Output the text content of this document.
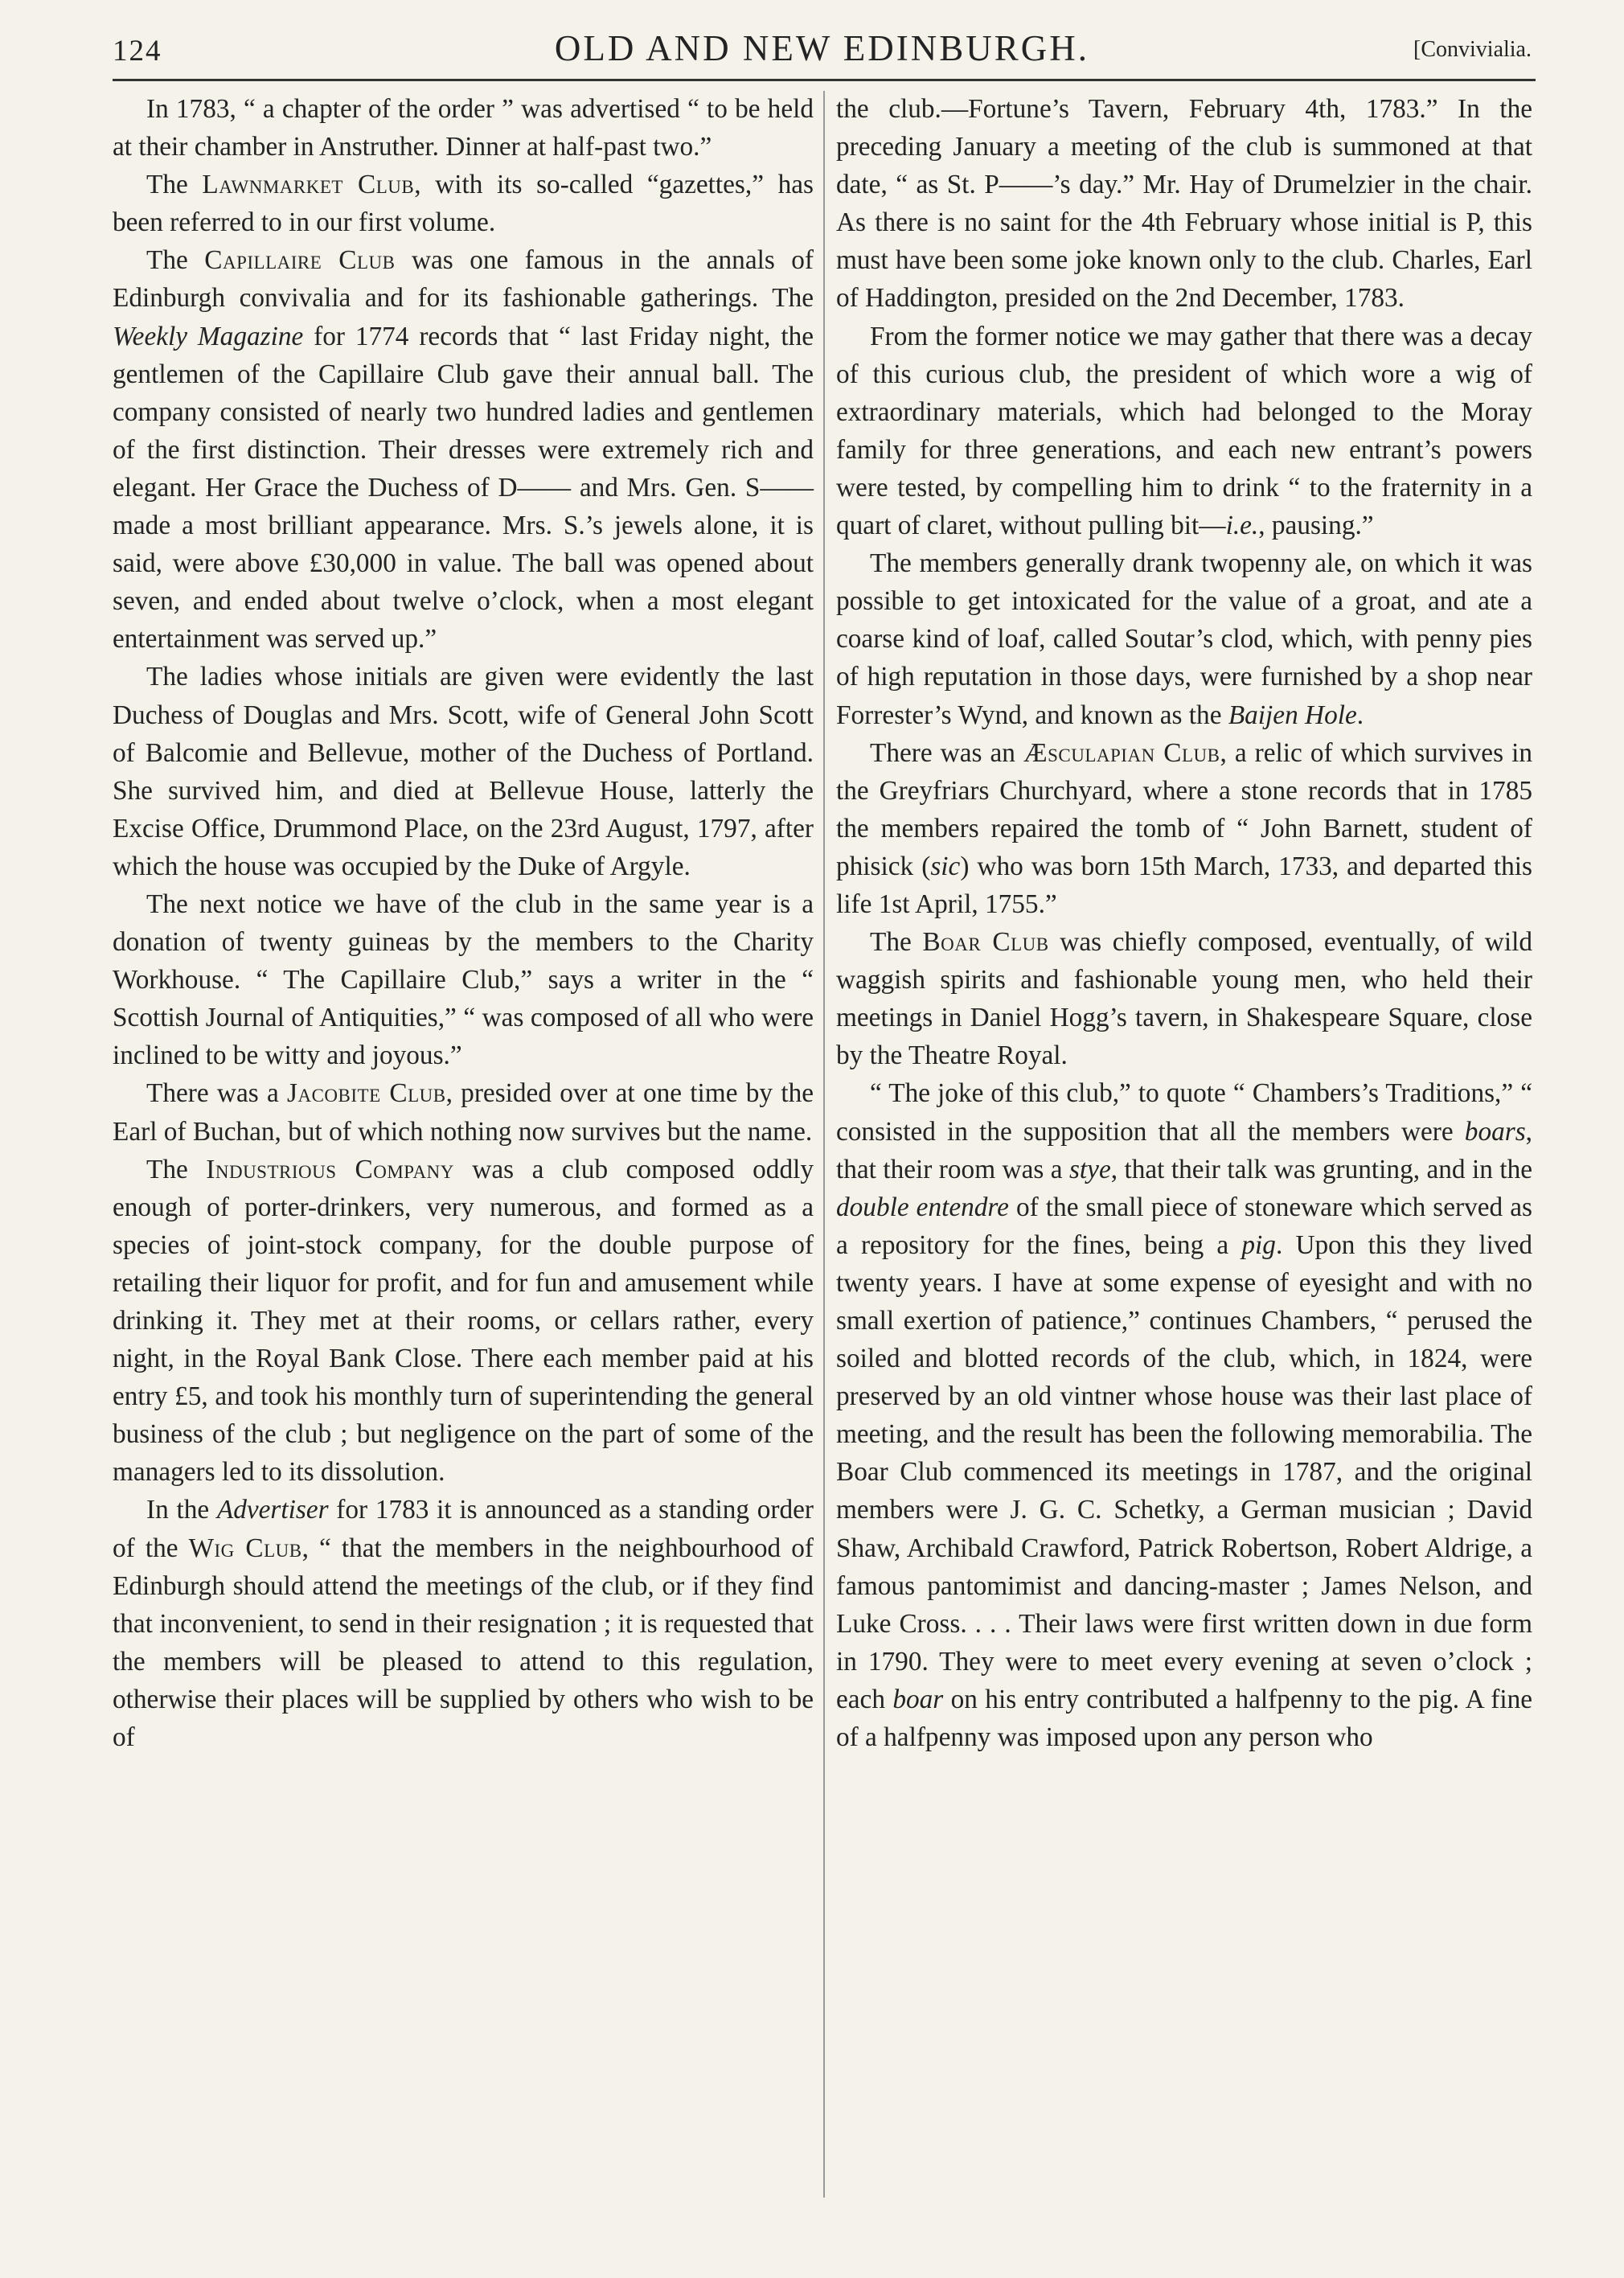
124	OLD AND NEW EDINBURGH.	[Convivialia.

In 1783, “ a chapter of the order ” was advertised “ to be held at their chamber in Anstruther. Dinner at half-past two.”

The Lawnmarket Club, with its so-called “gazettes,” has been referred to in our first volume.

The Capillaire Club was one famous in the annals of Edinburgh convivalia and for its fashionable gatherings. The Weekly Magazine for 1774 records that “ last Friday night, the gentlemen of the Capillaire Club gave their annual ball. The company consisted of nearly two hundred ladies and gentlemen of the first distinction. Their dresses were extremely rich and elegant. Her Grace the Duchess of D—— and Mrs. Gen. S—— made a most brilliant appearance. Mrs. S.’s jewels alone, it is said, were above £30,000 in value. The ball was opened about seven, and ended about twelve o’clock, when a most elegant entertainment was served up.”

The ladies whose initials are given were evidently the last Duchess of Douglas and Mrs. Scott, wife of General John Scott of Balcomie and Bellevue, mother of the Duchess of Portland. She survived him, and died at Bellevue House, latterly the Excise Office, Drummond Place, on the 23rd August, 1797, after which the house was occupied by the Duke of Argyle.

The next notice we have of the club in the same year is a donation of twenty guineas by the members to the Charity Workhouse. “ The Capillaire Club,” says a writer in the “ Scottish Journal of Antiquities,” “ was composed of all who were inclined to be witty and joyous.”

There was a Jacobite Club, presided over at one time by the Earl of Buchan, but of which nothing now survives but the name.

The Industrious Company was a club composed oddly enough of porter-drinkers, very numerous, and formed as a species of joint-stock company, for the double purpose of retailing their liquor for profit, and for fun and amusement while drinking it. They met at their rooms, or cellars rather, every night, in the Royal Bank Close. There each member paid at his entry £5, and took his monthly turn of superintending the general business of the club ; but negligence on the part of some of the managers led to its dissolution.

In the Advertiser for 1783 it is announced as a standing order of the Wig Club, “ that the members in the neighbourhood of Edinburgh should attend the meetings of the club, or if they find that inconvenient, to send in their resignation ; it is requested that the members will be pleased to attend to this regulation, otherwise their places will be supplied by others who wish to be of

the club.—Fortune’s Tavern, February 4th, 1783.” In the preceding January a meeting of the club is summoned at that date, “ as St. P——’s day.” Mr. Hay of Drumelzier in the chair. As there is no saint for the 4th February whose initial is P, this must have been some joke known only to the club. Charles, Earl of Haddington, presided on the 2nd December, 1783.

From the former notice we may gather that there was a decay of this curious club, the president of which wore a wig of extraordinary materials, which had belonged to the Moray family for three generations, and each new entrant’s powers were tested, by compelling him to drink “ to the fraternity in a quart of claret, without pulling bit—i.e., pausing.”

The members generally drank twopenny ale, on which it was possible to get intoxicated for the value of a groat, and ate a coarse kind of loaf, called Soutar’s clod, which, with penny pies of high reputation in those days, were furnished by a shop near Forrester’s Wynd, and known as the Baijen Hole.

There was an Æsculapian Club, a relic of which survives in the Greyfriars Churchyard, where a stone records that in 1785 the members repaired the tomb of “ John Barnett, student of phisick (sic) who was born 15th March, 1733, and departed this life 1st April, 1755.”

The Boar Club was chiefly composed, eventually, of wild waggish spirits and fashionable young men, who held their meetings in Daniel Hogg’s tavern, in Shakespeare Square, close by the Theatre Royal.

“ The joke of this club,” to quote “ Chambers’s Traditions,” “ consisted in the supposition that all the members were boars, that their room was a stye, that their talk was grunting, and in the double entendre of the small piece of stoneware which served as a repository for the fines, being a pig. Upon this they lived twenty years. I have at some expense of eyesight and with no small exertion of patience,” continues Chambers, “ perused the soiled and blotted records of the club, which, in 1824, were preserved by an old vintner whose house was their last place of meeting, and the result has been the following memorabilia. The Boar Club commenced its meetings in 1787, and the original members were J. G. C. Schetky, a German musician ; David Shaw, Archibald Crawford, Patrick Robertson, Robert Aldrige, a famous pantomimist and dancing-master ; James Nelson, and Luke Cross. . . . Their laws were first written down in due form in 1790. They were to meet every evening at seven o’clock ; each boar on his entry contributed a halfpenny to the pig. A fine of a halfpenny was imposed upon any person who
